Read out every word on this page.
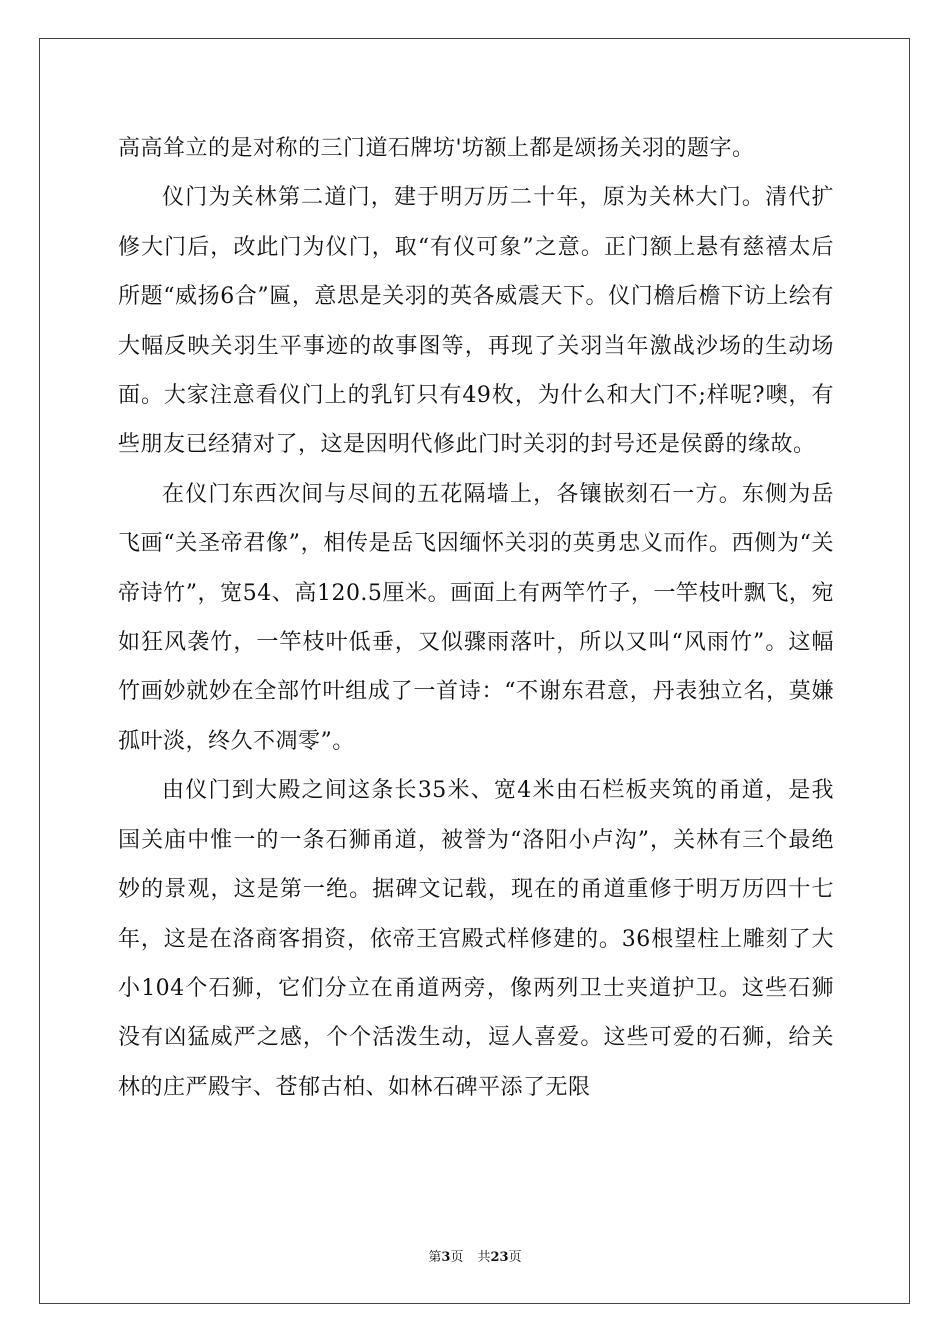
高高耸立的是对称的三门道石牌坊'坊额上都是颂扬关羽的题字。

仪门为关林第二道门，建于明万历二十年，原为关林大门。清代扩修大门后，改此门为仪门，取“有仪可象”之意。正门额上悬有慈禧太后所题“威扬6合”匾，意思是关羽的英各威震天下。仪门檐后檐下访上绘有大幅反映关羽生平事迹的故事图等，再现了关羽当年激战沙场的生动场面。大家注意看仪门上的乳钉只有49枚，为什么和大门不;样呢?噢，有些朋友已经猜对了，这是因明代修此门时关羽的封号还是侯爵的缘故。

在仪门东西次间与尽间的五花隔墙上，各镶嵌刻石一方。东侧为岳飞画“关圣帝君像”，相传是岳飞因缅怀关羽的英勇忠义而作。西侧为“关帝诗竹”，宽54、高120.5厘米。画面上有两竿竹子，一竿枝叶飘飞，宛如狂风袭竹，一竿枝叶低垂，又似骤雨落叶，所以又叫“风雨竹”。这幅竹画妙就妙在全部竹叶组成了一首诗：“不谢东君意，丹表独立名，莫嫌孤叶淡，终久不凋零”。

由仪门到大殿之间这条长35米、宽4米由石栏板夹筑的甬道，是我国关庙中惟一的一条石狮甬道，被誉为“洛阳小卢沟”，关林有三个最绝妙的景观，这是第一绝。据碑文记载，现在的甬道重修于明万历四十七年，这是在洛商客捐资，依帝王宫殿式样修建的。36根望柱上雕刻了大小104个石狮，它们分立在甬道两旁，像两列卫士夹道护卫。这些石狮没有凶猛威严之感，个个活泼生动，逗人喜爱。这些可爱的石狮，给关林的庄严殿宇、苍郁古柏、如林石碑平添了无限

第3页 共23页
